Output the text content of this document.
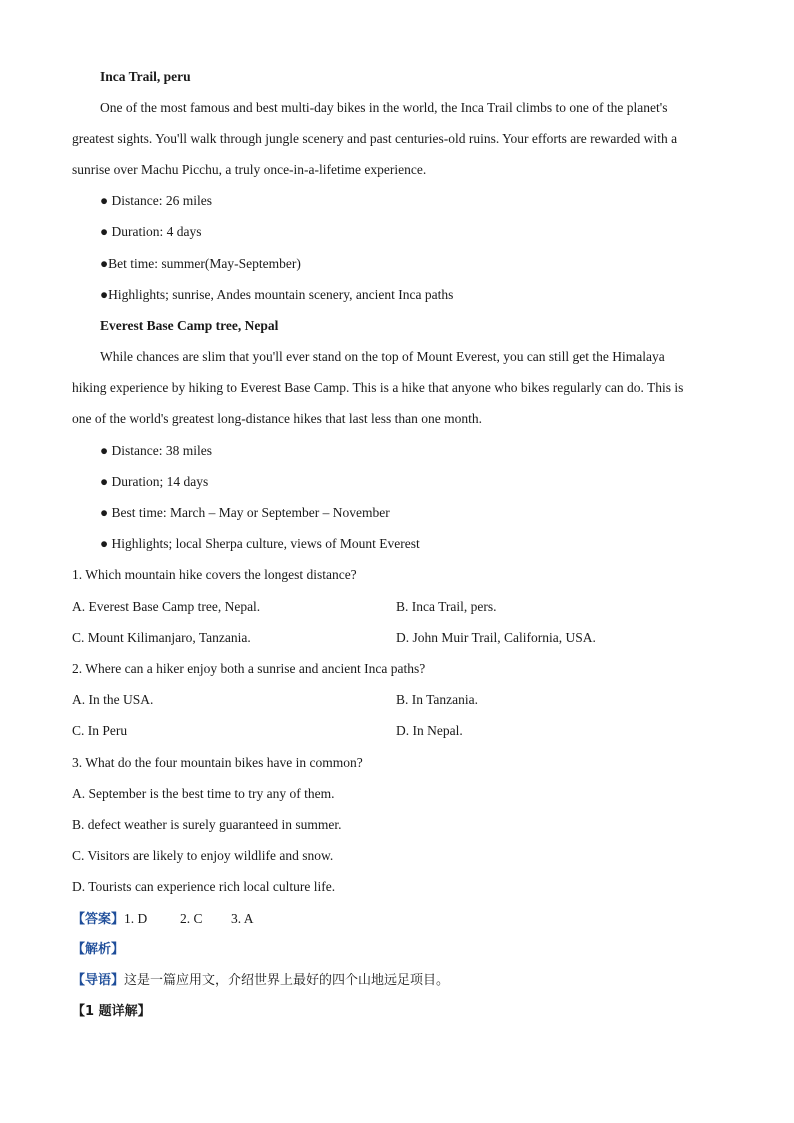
Inca Trail, peru
One of the most famous and best multi-day bikes in the world, the Inca Trail climbs to one of the planet's
greatest sights. You'll walk through jungle scenery and past centuries-old ruins. Your efforts are rewarded with a
sunrise over Machu Picchu, a truly once-in-a-lifetime experience.
● Distance: 26 miles
● Duration: 4 days
●Bet time: summer(May-September)
●Highlights; sunrise, Andes mountain scenery, ancient Inca paths
Everest Base Camp tree, Nepal
While chances are slim that you'll ever stand on the top of Mount Everest, you can still get the Himalaya
hiking experience by hiking to Everest Base Camp. This is a hike that anyone who bikes regularly can do. This is
one of the world's greatest long-distance hikes that last less than one month.
● Distance: 38 miles
● Duration; 14 days
● Best time: March – May or September – November
● Highlights; local Sherpa culture, views of Mount Everest
1. Which mountain hike covers the longest distance?
A. Everest Base Camp tree, Nepal.	B. Inca Trail, pers.
C. Mount Kilimanjaro, Tanzania.	D. John Muir Trail, California, USA.
2. Where can a hiker enjoy both a sunrise and ancient Inca paths?
A. In the USA.	B. In Tanzania.
C. In Peru	D. In Nepal.
3. What do the four mountain bikes have in common?
A. September is the best time to try any of them.
B. defect weather is surely guaranteed in summer.
C. Visitors are likely to enjoy wildlife and snow.
D. Tourists can experience rich local culture life.
【答案】1. D 2. C 3. A
【解析】
【导语】这是一篇应用文，介绍世界上最好的四个山地远足项目。
【1 题详解】
